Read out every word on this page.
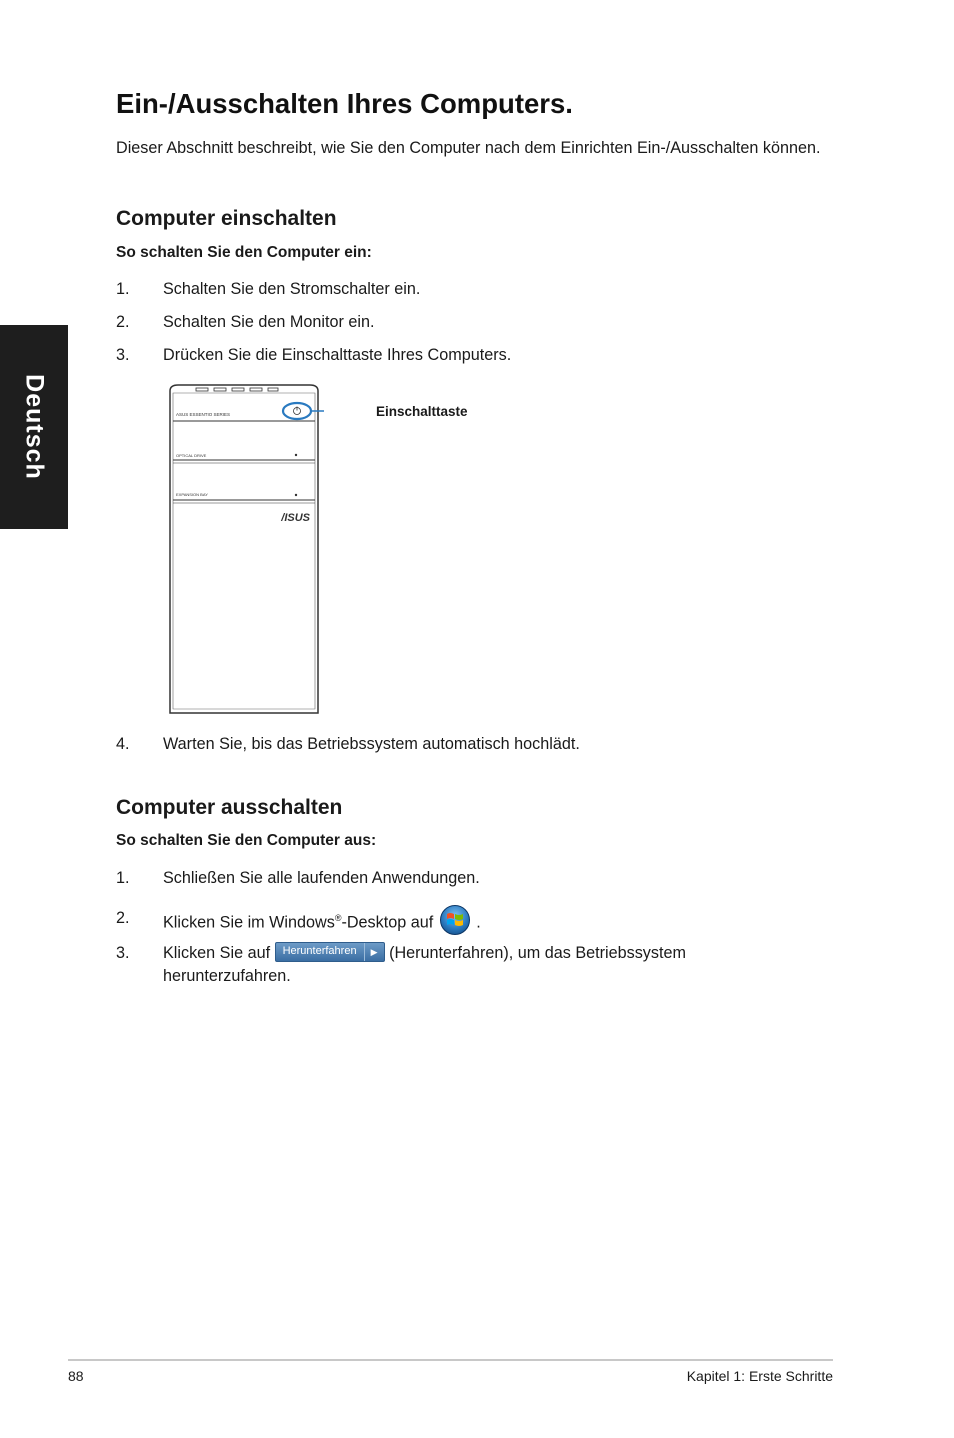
Deutsch
Ein-/Ausschalten Ihres Computers.

Dieser Abschnitt beschreibt, wie Sie den Computer nach dem Einrichten Ein-/Ausschalten können.

Computer einschalten
So schalten Sie den Computer ein:
1. Schalten Sie den Stromschalter ein.
2. Schalten Sie den Monitor ein.
3. Drücken Sie die Einschalttaste Ihres Computers.
ASUS ESSENTIO SERIES
OPTICAL DRIVE
EXPANSION BAY
/ISUS
Einschalttaste
4. Warten Sie, bis das Betriebssystem automatisch hochlädt.
Computer ausschalten
So schalten Sie den Computer aus:
1. Schließen Sie alle laufenden Anwendungen.
2. Klicken Sie im Windows®-Desktop auf	.
3. Klicken Sie auf Herunterfahren	▶ (Herunterfahren), um das Betriebssystem
herunterzufahren.
88	Kapitel 1: Erste Schritte
